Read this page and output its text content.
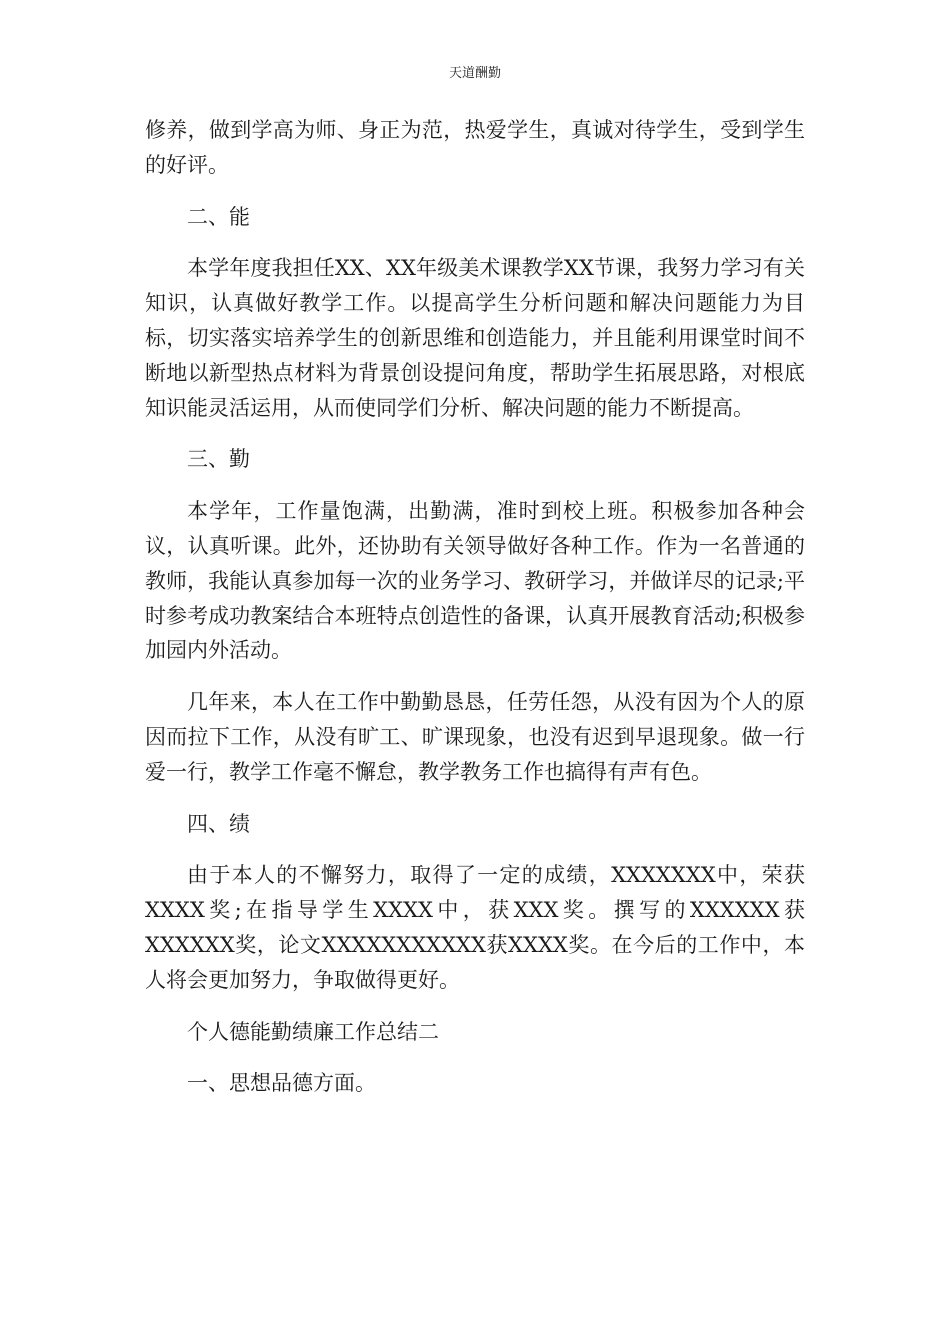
天道酬勤

修养，做到学高为师、身正为范，热爱学生，真诚对待学生，受到学生的好评。

二、能

本学年度我担任XX、XX年级美术课教学XX节课，我努力学习有关知识，认真做好教学工作。以提高学生分析问题和解决问题能力为目标，切实落实培养学生的创新思维和创造能力，并且能利用课堂时间不断地以新型热点材料为背景创设提问角度，帮助学生拓展思路，对根底知识能灵活运用，从而使同学们分析、解决问题的能力不断提高。

三、勤

本学年，工作量饱满，出勤满，准时到校上班。积极参加各种会议，认真听课。此外，还协助有关领导做好各种工作。作为一名普通的教师，我能认真参加每一次的业务学习、教研学习，并做详尽的记录;平时参考成功教案结合本班特点创造性的备课，认真开展教育活动;积极参加园内外活动。

几年来，本人在工作中勤勤恳恳，任劳任怨，从没有因为个人的原因而拉下工作，从没有旷工、旷课现象，也没有迟到早退现象。做一行爱一行，教学工作毫不懈怠，教学教务工作也搞得有声有色。

四、绩

由于本人的不懈努力，取得了一定的成绩，XXXXXXX中，荣获XXXX奖;在指导学生XXXX中，获XXX奖。撰写的XXXXXX获XXXXXX奖，论文XXXXXXXXXXX获XXXX奖。在今后的工作中，本人将会更加努力，争取做得更好。

个人德能勤绩廉工作总结二

一、思想品德方面。
